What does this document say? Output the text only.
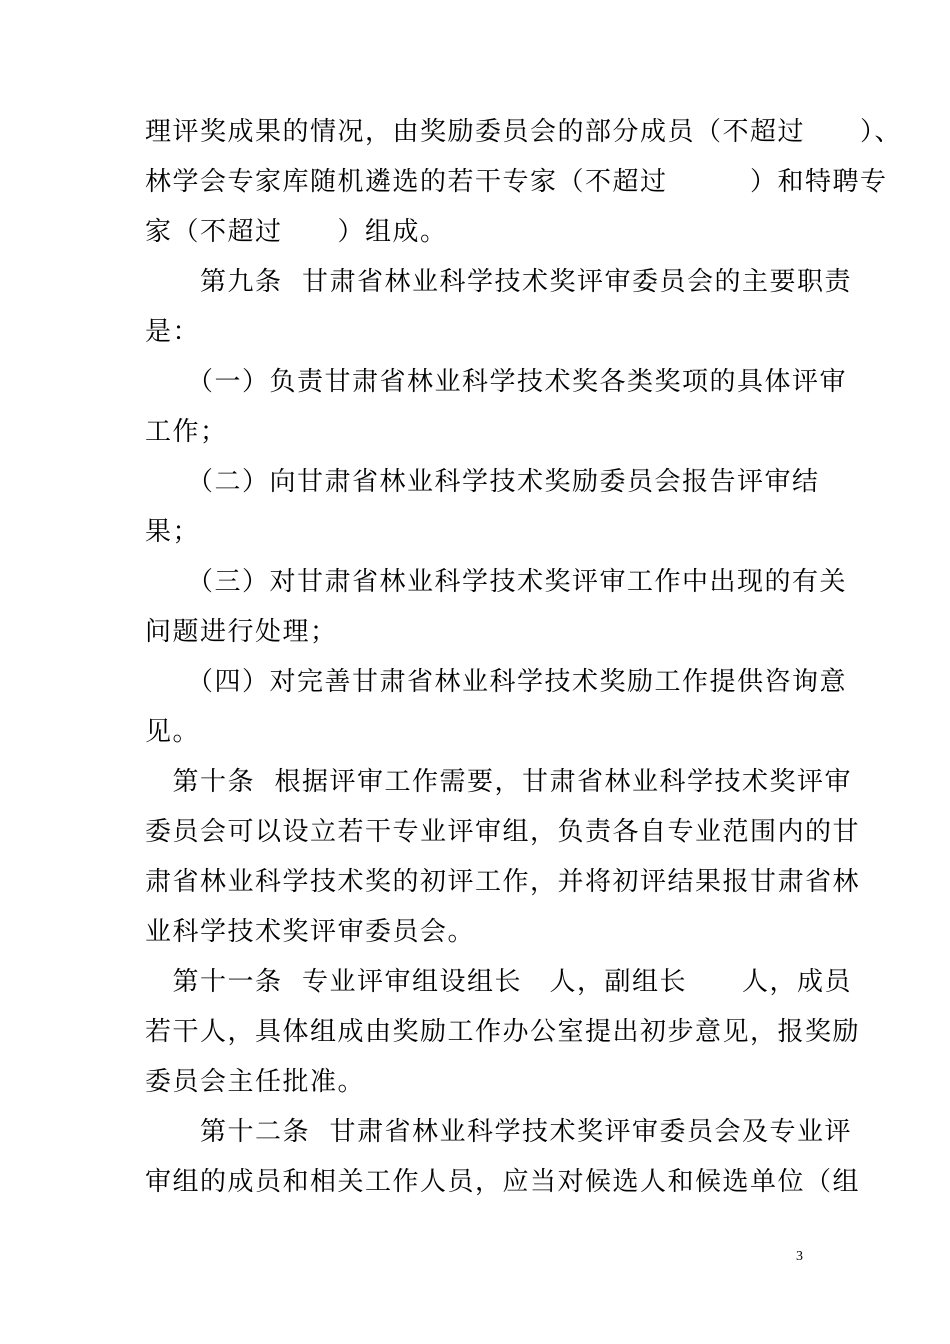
理评奖成果的情况，由奖励委员会的部分成员（不超过　　）、
林学会专家库随机遴选的若干专家（不超过　　　）和特聘专
家（不超过　　）组成。
　　第九条  甘肃省林业科学技术奖评审委员会的主要职责
是：
　　（一）负责甘肃省林业科学技术奖各类奖项的具体评审
工作；
　　（二）向甘肃省林业科学技术奖励委员会报告评审结
果；
　　（三）对甘肃省林业科学技术奖评审工作中出现的有关
问题进行处理；
　　（四）对完善甘肃省林业科学技术奖励工作提供咨询意
见。
　第十条  根据评审工作需要，甘肃省林业科学技术奖评审
委员会可以设立若干专业评审组，负责各自专业范围内的甘
肃省林业科学技术奖的初评工作，并将初评结果报甘肃省林
业科学技术奖评审委员会。
　第十一条  专业评审组设组长　人，副组长　　人，成员
若干人，具体组成由奖励工作办公室提出初步意见，报奖励
委员会主任批准。
　　第十二条  甘肃省林业科学技术奖评审委员会及专业评
审组的成员和相关工作人员，应当对候选人和候选单位（组
3
